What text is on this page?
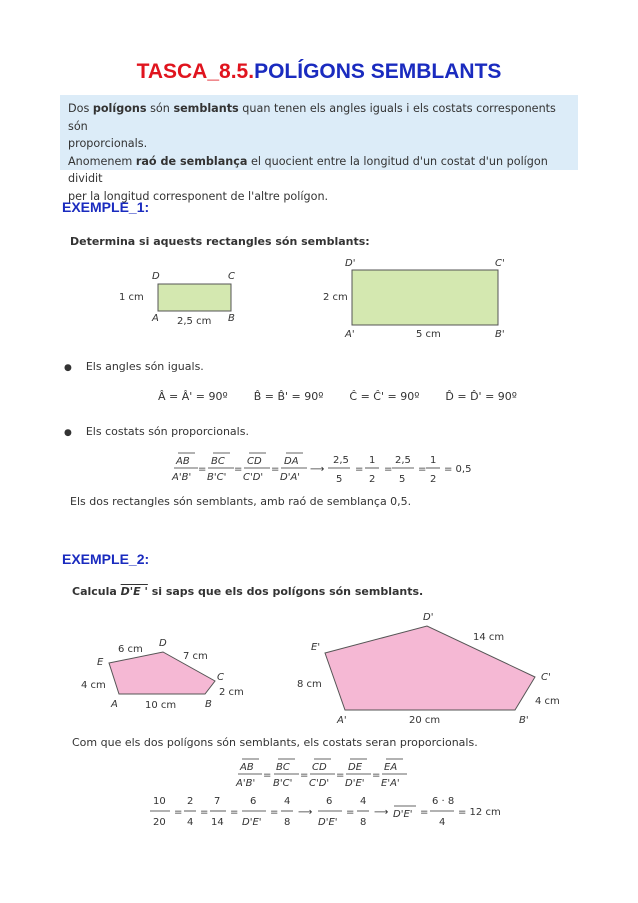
TASCA_8.5.POLÍGONS SEMBLANTS
Dos polígons són semblants quan tenen els angles iguals i els costats corresponents són
proporcionals.
Anomenem raó de semblança el quocient entre la longitud d'un costat d'un polígon dividit
per la longitud corresponent de l'altre polígon.
EXEMPLE_1:
Determina si aquests rectangles són semblants:
D	C
A	B
1 cm
2,5 cm
D'	C'
A'	B'
2 cm
5 cm
● Els angles són iguals.
Â = Â' = 90º B̂ = B̂' = 90º Ĉ = Ĉ' = 90º D̂ = D̂' = 90º
● Els costats són proporcionals.
AB
A'B'
=
BC
B'C'
=
CD
C'D'
=
DA
D'A'
⟶
2,5
5
=
1
2
=
2,5
5
=
1
2
= 0,5
Els dos rectangles són semblants, amb raó de semblança 0,5.
EXEMPLE_2:
Calcula D'E ' si saps que els dos polígons són semblants.
E
D
C
A	B
6 cm
7 cm
4 cm
10 cm
2 cm
E'
D'
C'
A'	B'
14 cm
8 cm
20 cm
4 cm
Com que els dos polígons són semblants, els costats seran proporcionals.
AB
A'B'
=
BC
B'C'
=
CD
C'D'
=
DE
D'E'
=
EA
E'A'
10
20
=
2
4
=
7
14
=
6
D'E'
=
4
8
⟶
6
D'E'
=
4
8
⟶ D'E' =
6 · 8
4
= 12 cm
